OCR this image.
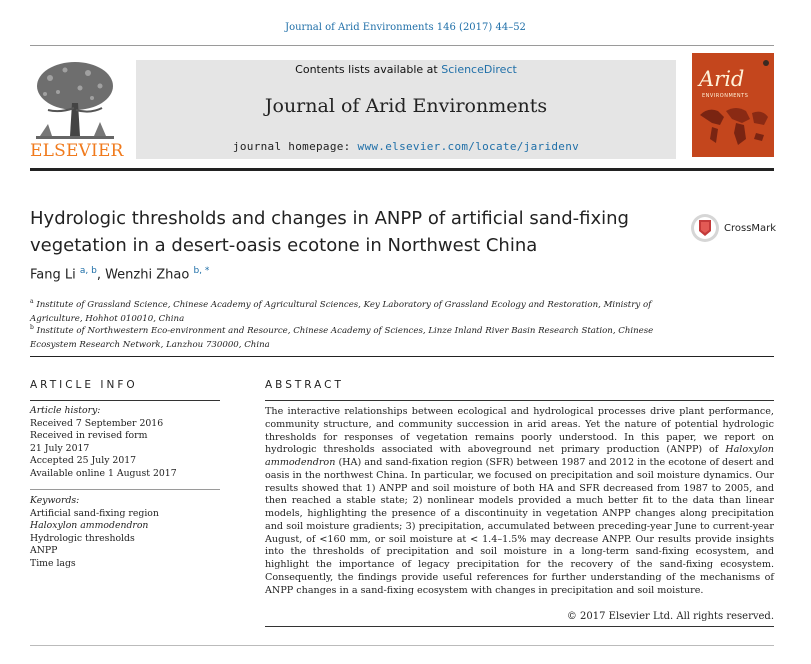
Journal of Arid Environments 146 (2017) 44–52
ELSEVIER
Contents lists available at ScienceDirect
Journal of Arid Environments
journal homepage: www.elsevier.com/locate/jaridenv
Arid
ENVIRONMENTS
Hydrologic thresholds and changes in ANPP of artificial sand-fixing vegetation in a desert-oasis ecotone in Northwest China
CrossMark
Fang Li $^{a, b}$, Wenzhi Zhao $^{b, *}$
$^a$ Institute of Grassland Science, Chinese Academy of Agricultural Sciences, Key Laboratory of Grassland Ecology and Restoration, Ministry of Agriculture, Hohhot 010010, China
$^b$ Institute of Northwestern Eco-environment and Resource, Chinese Academy of Sciences, Linze Inland River Basin Research Station, Chinese Ecosystem Research Network, Lanzhou 730000, China
ARTICLE INFO	ABSTRACT
Article history:
Received 7 September 2016
Received in revised form
21 July 2017
Accepted 25 July 2017
Available online 1 August 2017
Keywords:
Artificial sand-fixing region
Haloxylon ammodendron
Hydrologic thresholds
ANPP
Time lags
The interactive relationships between ecological and hydrological processes drive plant performance, community structure, and community succession in arid areas. Yet the nature of potential hydrologic thresholds for responses of vegetation remains poorly understood. In this paper, we report on hydrologic thresholds associated with aboveground net primary production (ANPP) of Haloxylon ammodendron (HA) and sand-fixation region (SFR) between 1987 and 2012 in the ecotone of desert and oasis in the northwest China. In particular, we focused on precipitation and soil moisture dynamics. Our results showed that 1) ANPP and soil moisture of both HA and SFR decreased from 1987 to 2005, and then reached a stable state; 2) nonlinear models provided a much better fit to the data than linear models, highlighting the presence of a discontinuity in vegetation ANPP changes along precipitation and soil moisture gradients; 3) precipitation, accumulated between preceding-year June to current-year August, of <160 mm, or soil moisture at < 1.4–1.5% may decrease ANPP. Our results provide insights into the thresholds of precipitation and soil moisture in a long-term sand-fixing ecosystem, and highlight the importance of legacy precipitation for the recovery of the sand-fixing ecosystem. Consequently, the findings provide useful references for further understanding of the mechanisms of ANPP changes in a sand-fixing ecosystem with changes in precipitation and soil moisture.
© 2017 Elsevier Ltd. All rights reserved.
